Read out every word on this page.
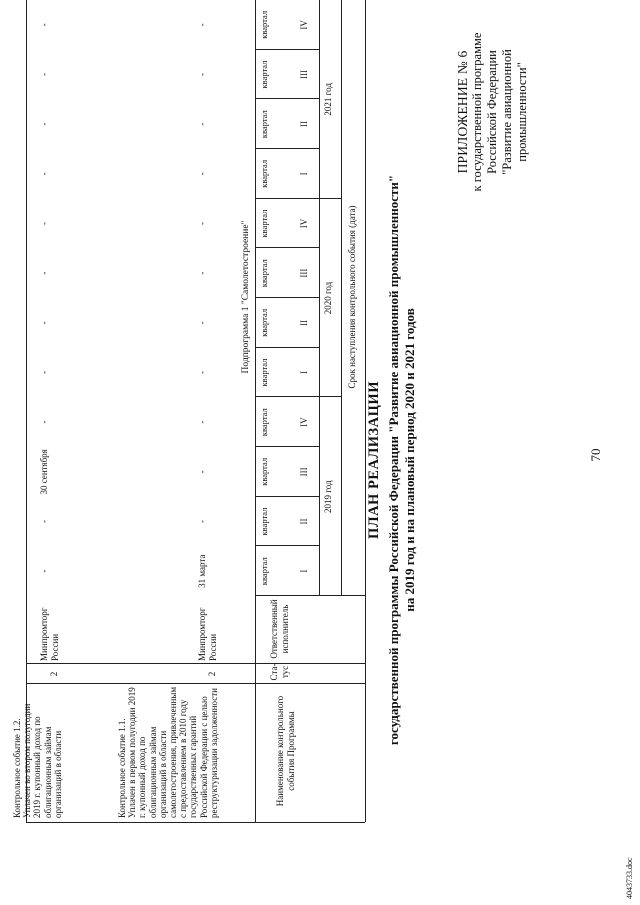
70
ПРИЛОЖЕНИЕ № 6 к государственной программе Российской Федерации "Развитие авиационной промышленности"
ПЛАН РЕАЛИЗАЦИИ государственной программы Российской Федерации "Развитие авиационной промышленности" на 2019 год и на плановый период 2020 и 2021 годов
Наименование контрольного события Программы
Ста-тус
Ответственный исполнитель
Срок наступления контрольного события (дата)
Подпрограмма 1 "Самолетостроение"
2019 год
2020 год
2021 год
I
квартал
II
квартал
III
квартал
IV
квартал
I
квартал
II
квартал
III
квартал
IV
квартал
I
квартал
II
квартал
III
квартал
IV
квартал
Контрольное событие 1.1. Уплачен в первом полугодии 2019 г. купонный доход по облигационным займам организаций в области самолетостроения, привлеченным с предоставлением в 2010 году государственных гарантий Российской Федерации с целью реструктуризации задолженности
2
Минпромторг России
31 марта
-
-
-
-
-
-
-
-
-
-
-
Контрольное событие 1.2. Уплачен во втором полугодии 2019 г. купонный доход по облигационным займам организаций в области
2
Минпромторг России
-
-
30 сентября
-
-
-
-
-
-
-
-
-
4043733.doc
